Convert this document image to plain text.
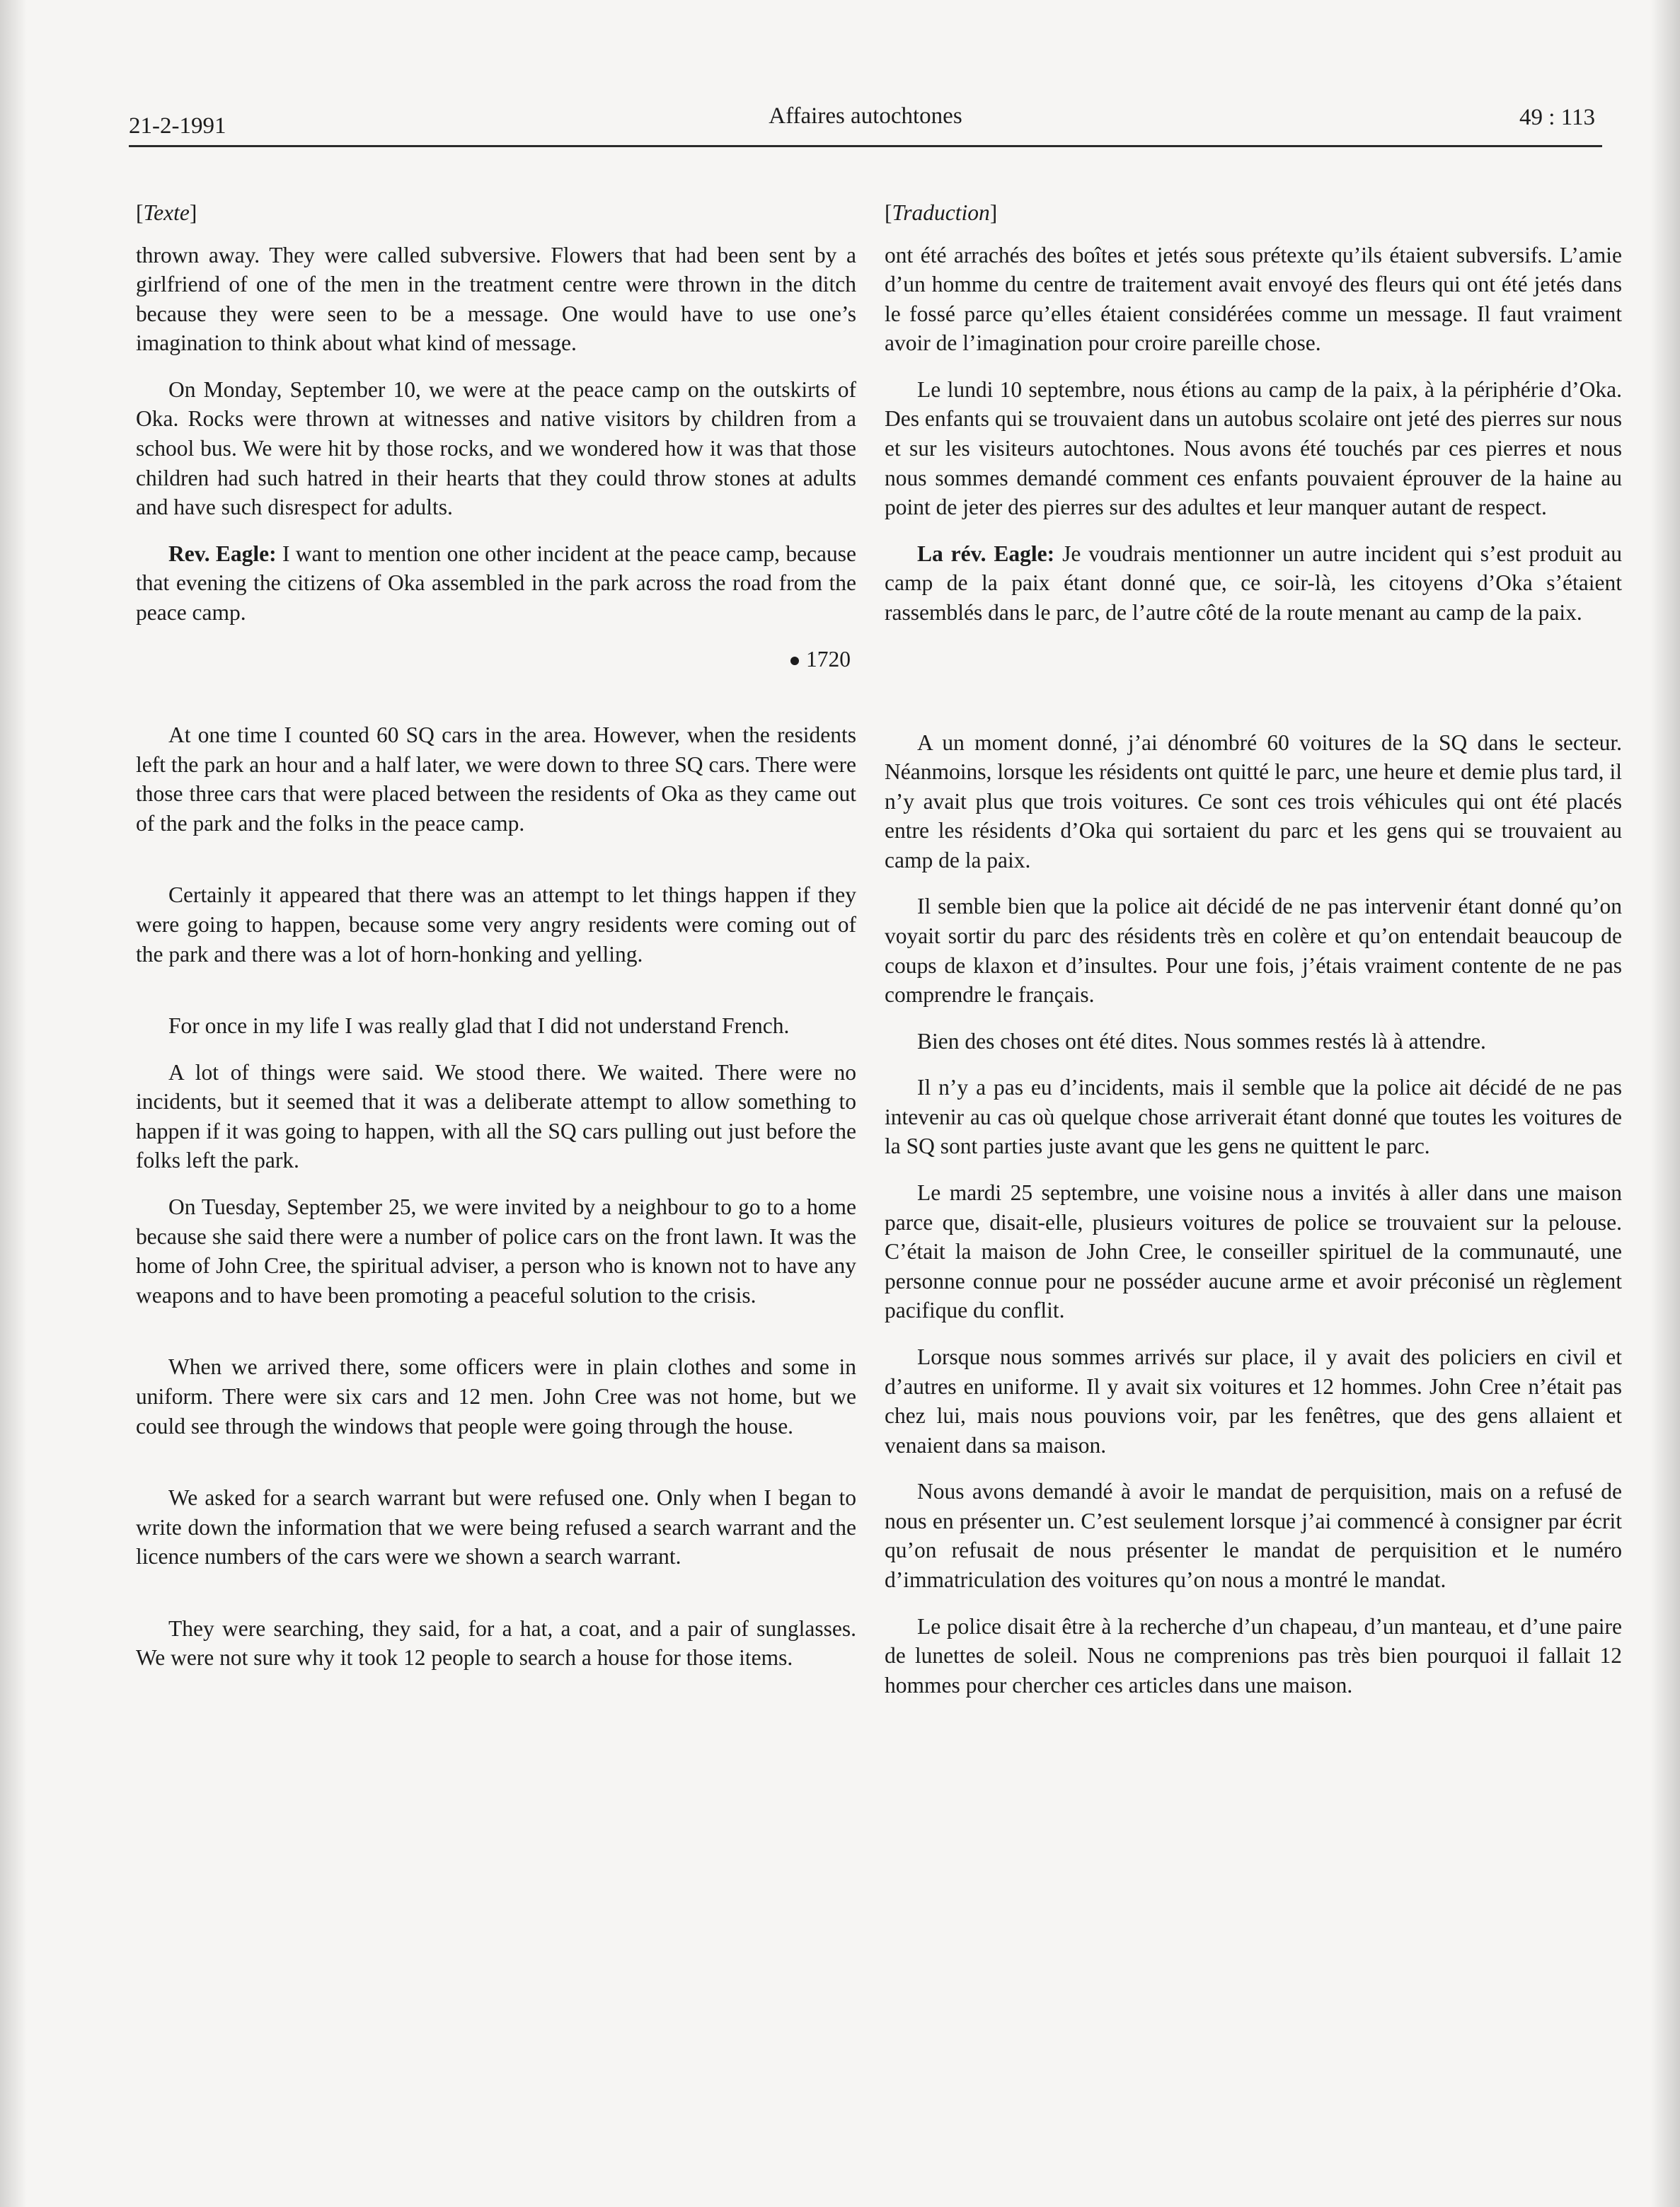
21-2-1991	Affaires autochtones	49 : 113
[Texte]

thrown away. They were called subversive. Flowers that had been sent by a girlfriend of one of the men in the treatment centre were thrown in the ditch because they were seen to be a message. One would have to use one’s imagination to think about what kind of message.

On Monday, September 10, we were at the peace camp on the outskirts of Oka. Rocks were thrown at witnesses and native visitors by children from a school bus. We were hit by those rocks, and we wondered how it was that those children had such hatred in their hearts that they could throw stones at adults and have such disrespect for adults.

Rev. Eagle: I want to mention one other incident at the peace camp, because that evening the citizens of Oka assembled in the park across the road from the peace camp.

1720

At one time I counted 60 SQ cars in the area. However, when the residents left the park an hour and a half later, we were down to three SQ cars. There were those three cars that were placed between the residents of Oka as they came out of the park and the folks in the peace camp.

Certainly it appeared that there was an attempt to let things happen if they were going to happen, because some very angry residents were coming out of the park and there was a lot of horn-honking and yelling.

For once in my life I was really glad that I did not understand French.

A lot of things were said. We stood there. We waited. There were no incidents, but it seemed that it was a deliberate attempt to allow something to happen if it was going to happen, with all the SQ cars pulling out just before the folks left the park.

On Tuesday, September 25, we were invited by a neighbour to go to a home because she said there were a number of police cars on the front lawn. It was the home of John Cree, the spiritual adviser, a person who is known not to have any weapons and to have been promoting a peaceful solution to the crisis.

When we arrived there, some officers were in plain clothes and some in uniform. There were six cars and 12 men. John Cree was not home, but we could see through the windows that people were going through the house.

We asked for a search warrant but were refused one. Only when I began to write down the information that we were being refused a search warrant and the licence numbers of the cars were we shown a search warrant.

They were searching, they said, for a hat, a coat, and a pair of sunglasses. We were not sure why it took 12 people to search a house for those items.

[Traduction]

ont été arrachés des boîtes et jetés sous prétexte qu’ils étaient subversifs. L’amie d’un homme du centre de traitement avait envoyé des fleurs qui ont été jetés dans le fossé parce qu’elles étaient considérées comme un message. Il faut vraiment avoir de l’imagination pour croire pareille chose.

Le lundi 10 septembre, nous étions au camp de la paix, à la périphérie d’Oka. Des enfants qui se trouvaient dans un autobus scolaire ont jeté des pierres sur nous et sur les visiteurs autochtones. Nous avons été touchés par ces pierres et nous nous sommes demandé comment ces enfants pouvaient éprouver de la haine au point de jeter des pierres sur des adultes et leur manquer autant de respect.

La rév. Eagle: Je voudrais mentionner un autre incident qui s’est produit au camp de la paix étant donné que, ce soir-là, les citoyens d’Oka s’étaient rassemblés dans le parc, de l’autre côté de la route menant au camp de la paix.

A un moment donné, j’ai dénombré 60 voitures de la SQ dans le secteur. Néanmoins, lorsque les résidents ont quitté le parc, une heure et demie plus tard, il n’y avait plus que trois voitures. Ce sont ces trois véhicules qui ont été placés entre les résidents d’Oka qui sortaient du parc et les gens qui se trouvaient au camp de la paix.

Il semble bien que la police ait décidé de ne pas intervenir étant donné qu’on voyait sortir du parc des résidents très en colère et qu’on entendait beaucoup de coups de klaxon et d’insultes. Pour une fois, j’étais vraiment contente de ne pas comprendre le français.

Bien des choses ont été dites. Nous sommes restés là à attendre.

Il n’y a pas eu d’incidents, mais il semble que la police ait décidé de ne pas intevenir au cas où quelque chose arriverait étant donné que toutes les voitures de la SQ sont parties juste avant que les gens ne quittent le parc.

Le mardi 25 septembre, une voisine nous a invités à aller dans une maison parce que, disait-elle, plusieurs voitures de police se trouvaient sur la pelouse. C’était la maison de John Cree, le conseiller spirituel de la communauté, une personne connue pour ne posséder aucune arme et avoir préconisé un règlement pacifique du conflit.

Lorsque nous sommes arrivés sur place, il y avait des policiers en civil et d’autres en uniforme. Il y avait six voitures et 12 hommes. John Cree n’était pas chez lui, mais nous pouvions voir, par les fenêtres, que des gens allaient et venaient dans sa maison.

Nous avons demandé à avoir le mandat de perquisition, mais on a refusé de nous en présenter un. C’est seulement lorsque j’ai commencé à consigner par écrit qu’on refusait de nous présenter le mandat de perquisition et le numéro d’immatriculation des voitures qu’on nous a montré le mandat.

Le police disait être à la recherche d’un chapeau, d’un manteau, et d’une paire de lunettes de soleil. Nous ne comprenions pas très bien pourquoi il fallait 12 hommes pour chercher ces articles dans une maison.
